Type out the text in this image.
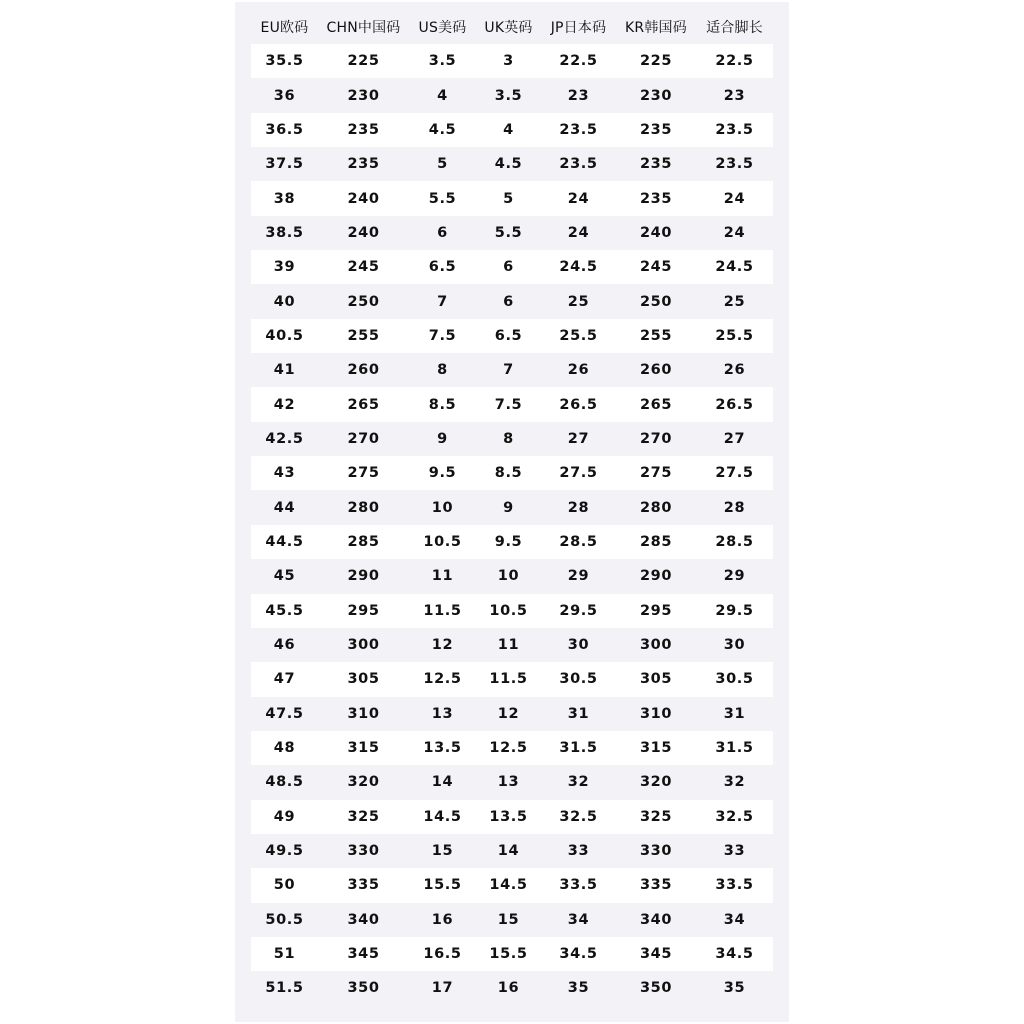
EU欧码	CHN中国码	US美码	UK英码	JP日本码	KR韩国码	适合脚长
35.5	225	3.5	3	22.5	225	22.5
36	230	4	3.5	23	230	23
36.5	235	4.5	4	23.5	235	23.5
37.5	235	5	4.5	23.5	235	23.5
38	240	5.5	5	24	235	24
38.5	240	6	5.5	24	240	24
39	245	6.5	6	24.5	245	24.5
40	250	7	6	25	250	25
40.5	255	7.5	6.5	25.5	255	25.5
41	260	8	7	26	260	26
42	265	8.5	7.5	26.5	265	26.5
42.5	270	9	8	27	270	27
43	275	9.5	8.5	27.5	275	27.5
44	280	10	9	28	280	28
44.5	285	10.5	9.5	28.5	285	28.5
45	290	11	10	29	290	29
45.5	295	11.5	10.5	29.5	295	29.5
46	300	12	11	30	300	30
47	305	12.5	11.5	30.5	305	30.5
47.5	310	13	12	31	310	31
48	315	13.5	12.5	31.5	315	31.5
48.5	320	14	13	32	320	32
49	325	14.5	13.5	32.5	325	32.5
49.5	330	15	14	33	330	33
50	335	15.5	14.5	33.5	335	33.5
50.5	340	16	15	34	340	34
51	345	16.5	15.5	34.5	345	34.5
51.5	350	17	16	35	350	35
